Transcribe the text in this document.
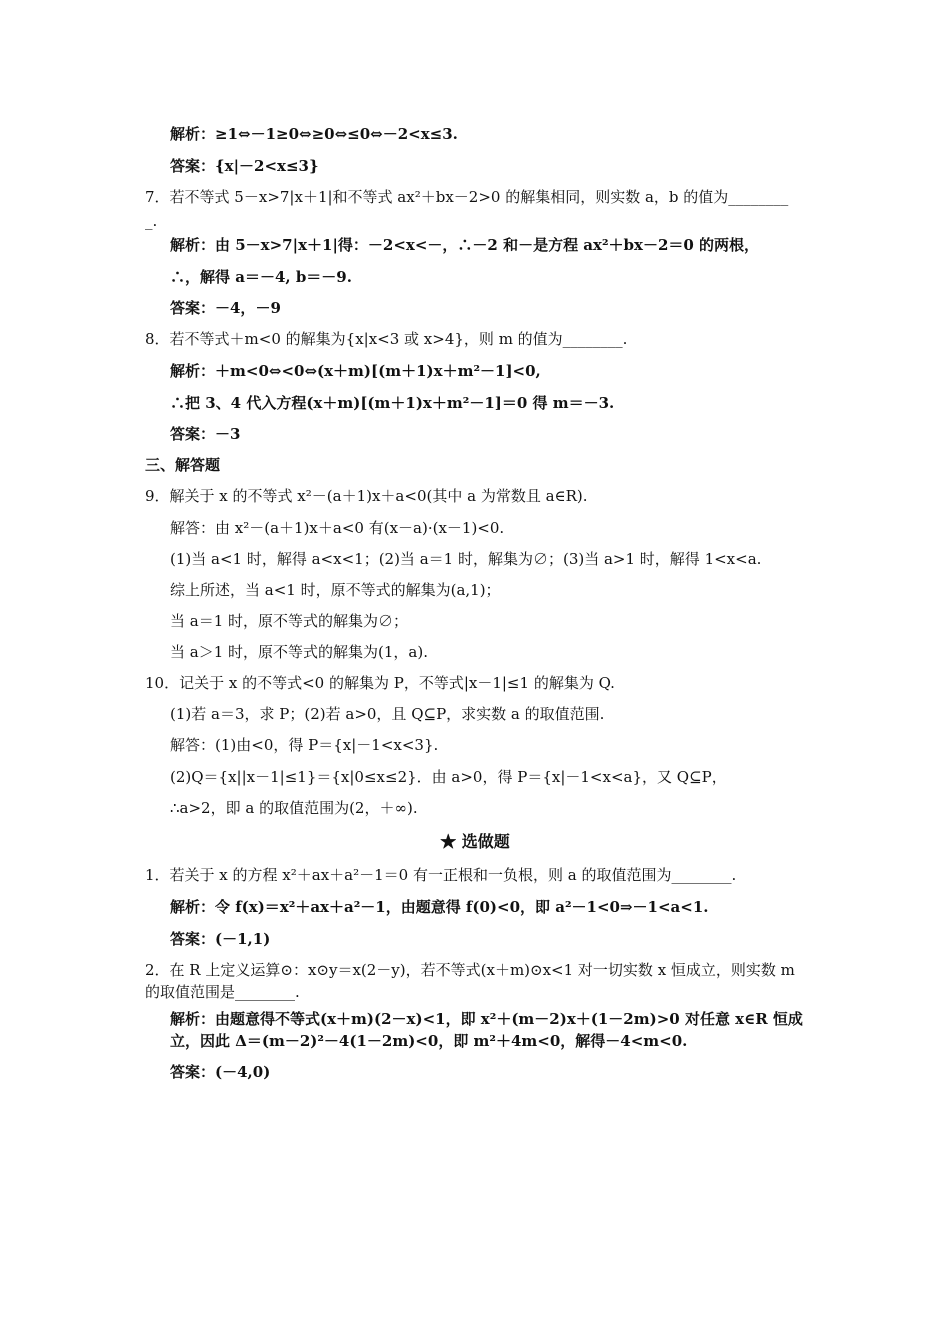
解析：≥1⇔－1≥0⇔≥0⇔≤0⇔－2<x≤3.
答案：{x|－2<x≤3}
7．若不等式 5－x>7|x＋1|和不等式 ax²＋bx－2>0 的解集相同，则实数 a，b 的值为________
_.
解析：由 5－x>7|x＋1|得：－2<x<－，∴－2 和－是方程 ax²＋bx－2＝0 的两根，
∴，解得 a＝－4, b＝－9.
答案：－4，－9
8．若不等式＋m<0 的解集为{x|x<3 或 x>4}，则 m 的值为________.
解析：＋m<0⇔<0⇔(x＋m)[(m＋1)x＋m²－1]<0,
∴把 3、4 代入方程(x＋m)[(m＋1)x＋m²－1]＝0 得 m＝－3.
答案：－3
三、解答题
9．解关于 x 的不等式 x²－(a＋1)x＋a<0(其中 a 为常数且 a∈R).
解答：由 x²－(a＋1)x＋a<0 有(x－a)·(x－1)<0.
(1)当 a<1 时，解得 a<x<1；(2)当 a＝1 时，解集为∅；(3)当 a>1 时，解得 1<x<a.
综上所述，当 a<1 时，原不等式的解集为(a,1)；
当 a＝1 时，原不等式的解集为∅；
当 a＞1 时，原不等式的解集为(1，a).
10．记关于 x 的不等式<0 的解集为 P，不等式|x－1|≤1 的解集为 Q.
(1)若 a＝3，求 P；(2)若 a>0，且 Q⊆P，求实数 a 的取值范围.
解答：(1)由<0，得 P＝{x|－1<x<3}.
(2)Q＝{x||x－1|≤1}＝{x|0≤x≤2}．由 a>0，得 P＝{x|－1<x<a}，又 Q⊆P，
∴a>2，即 a 的取值范围为(2，＋∞).
★ 选做题
1．若关于 x 的方程 x²＋ax＋a²－1＝0 有一正根和一负根，则 a 的取值范围为________.
解析：令 f(x)＝x²＋ax＋a²－1，由题意得 f(0)<0，即 a²－1<0⇒－1<a<1.
答案：(－1,1)
2．在 R 上定义运算⊙：x⊙y＝x(2－y)，若不等式(x＋m)⊙x<1 对一切实数 x 恒成立，则实数 m 的取值范围是________.
解析：由题意得不等式(x＋m)(2－x)<1，即 x²＋(m－2)x＋(1－2m)>0 对任意 x∈R 恒成立，因此 Δ＝(m－2)²－4(1－2m)<0，即 m²＋4m<0，解得－4<m<0.
答案：(－4,0)
